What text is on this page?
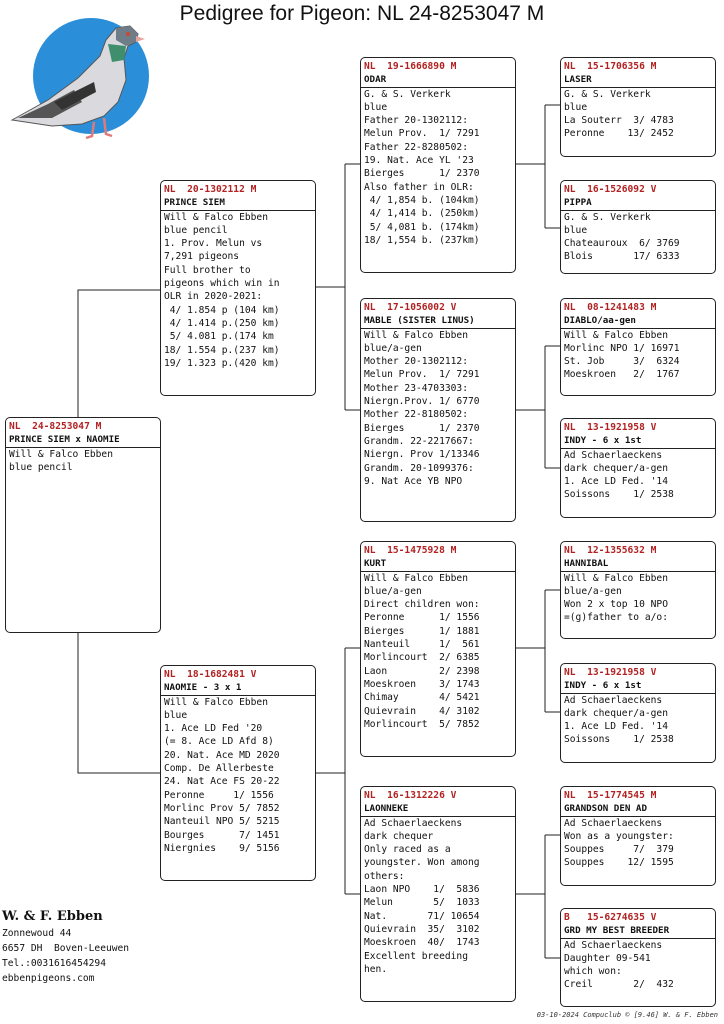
Pedigree for Pigeon: NL 24-8253047 M
NL  24-8253047 M
PRINCE SIEM x NAOMIE
Will & Falco Ebben
blue pencil
NL  20-1302112 M
PRINCE SIEM
Will & Falco Ebben
blue pencil
1. Prov. Melun vs
7,291 pigeons
Full brother to
pigeons which win in
OLR in 2020-2021:
4/ 1.854 p (104 km)
4/ 1.414 p.(250 km)
5/ 4.081 p.(174 km
18/ 1.554 p.(237 km)
19/ 1.323 p.(420 km)
NL  18-1682481 V
NAOMIE - 3 x 1
Will & Falco Ebben
blue
1. Ace LD Fed '20
(= 8. Ace LD Afd 8)
20. Nat. Ace MD 2020
Comp. De Allerbeste
24. Nat Ace FS 20-22
Peronne     1/ 1556
Morlinc Prov 5/ 7852
Nanteuil NPO 5/ 5215
Bourges      7/ 1451
Niergnies    9/ 5156
NL  19-1666890 M
ODAR
G. & S. Verkerk
blue
Father 20-1302112:
Melun Prov.  1/ 7291
Father 22-8280502:
19. Nat. Ace YL '23
Bierges      1/ 2370
Also father in OLR:
4/ 1,854 b. (104km)
4/ 1,414 b. (250km)
5/ 4,081 b. (174km)
18/ 1,554 b. (237km)
NL  17-1056002 V
MABLE (SISTER LINUS)
Will & Falco Ebben
blue/a-gen
Mother 20-1302112:
Melun Prov.  1/ 7291
Mother 23-4703303:
Niergn.Prov. 1/ 6770
Mother 22-8180502:
Bierges      1/ 2370
Grandm. 22-2217667:
Niergn. Prov 1/13346
Grandm. 20-1099376:
9. Nat Ace YB NPO
NL  15-1475928 M
KURT
Will & Falco Ebben
blue/a-gen
Direct children won:
Peronne      1/ 1556
Bierges      1/ 1881
Nanteuil     1/  561
Morlincourt  2/ 6385
Laon         2/ 2398
Moeskroen    3/ 1743
Chimay       4/ 5421
Quievrain    4/ 3102
Morlincourt  5/ 7852
NL  16-1312226 V
LAONNEKE
Ad Schaerlaeckens
dark chequer
Only raced as a
youngster. Won among
others:
Laon NPO    1/  5836
Melun       5/  1033
Nat.       71/ 10654
Quievrain  35/  3102
Moeskroen  40/  1743
Excellent breeding
hen.
NL  15-1706356 M
LASER
G. & S. Verkerk
blue
La Souterr  3/ 4783
Peronne    13/ 2452
NL  16-1526092 V
PIPPA
G. & S. Verkerk
blue
Chateauroux  6/ 3769
Blois       17/ 6333
NL  08-1241483 M
DIABLO/aa-gen
Will & Falco Ebben
Morlinc NPO 1/ 16971
St. Job     3/  6324
Moeskroen   2/  1767
NL  13-1921958 V
INDY - 6 x 1st
Ad Schaerlaeckens
dark chequer/a-gen
1. Ace LD Fed. '14
Soissons    1/ 2538
NL  12-1355632 M
HANNIBAL
Will & Falco Ebben
blue/a-gen
Won 2 x top 10 NPO
=(g)father to a/o:
NL  13-1921958 V
INDY - 6 x 1st
Ad Schaerlaeckens
dark chequer/a-gen
1. Ace LD Fed. '14
Soissons    1/ 2538
NL  15-1774545 M
GRANDSON DEN AD
Ad Schaerlaeckens
Won as a youngster:
Souppes     7/  379
Souppes    12/ 1595
B   15-6274635 V
GRD MY BEST BREEDER
Ad Schaerlaeckens
Daughter 09-541
which won:
Creil       2/  432
W. & F. Ebben
Zonnewoud 44
6657 DH  Boven-Leeuwen
Tel.:0031616454294
ebbenpigeons.com
03-10-2024 Compuclub © [9.46] W. & F. Ebben
